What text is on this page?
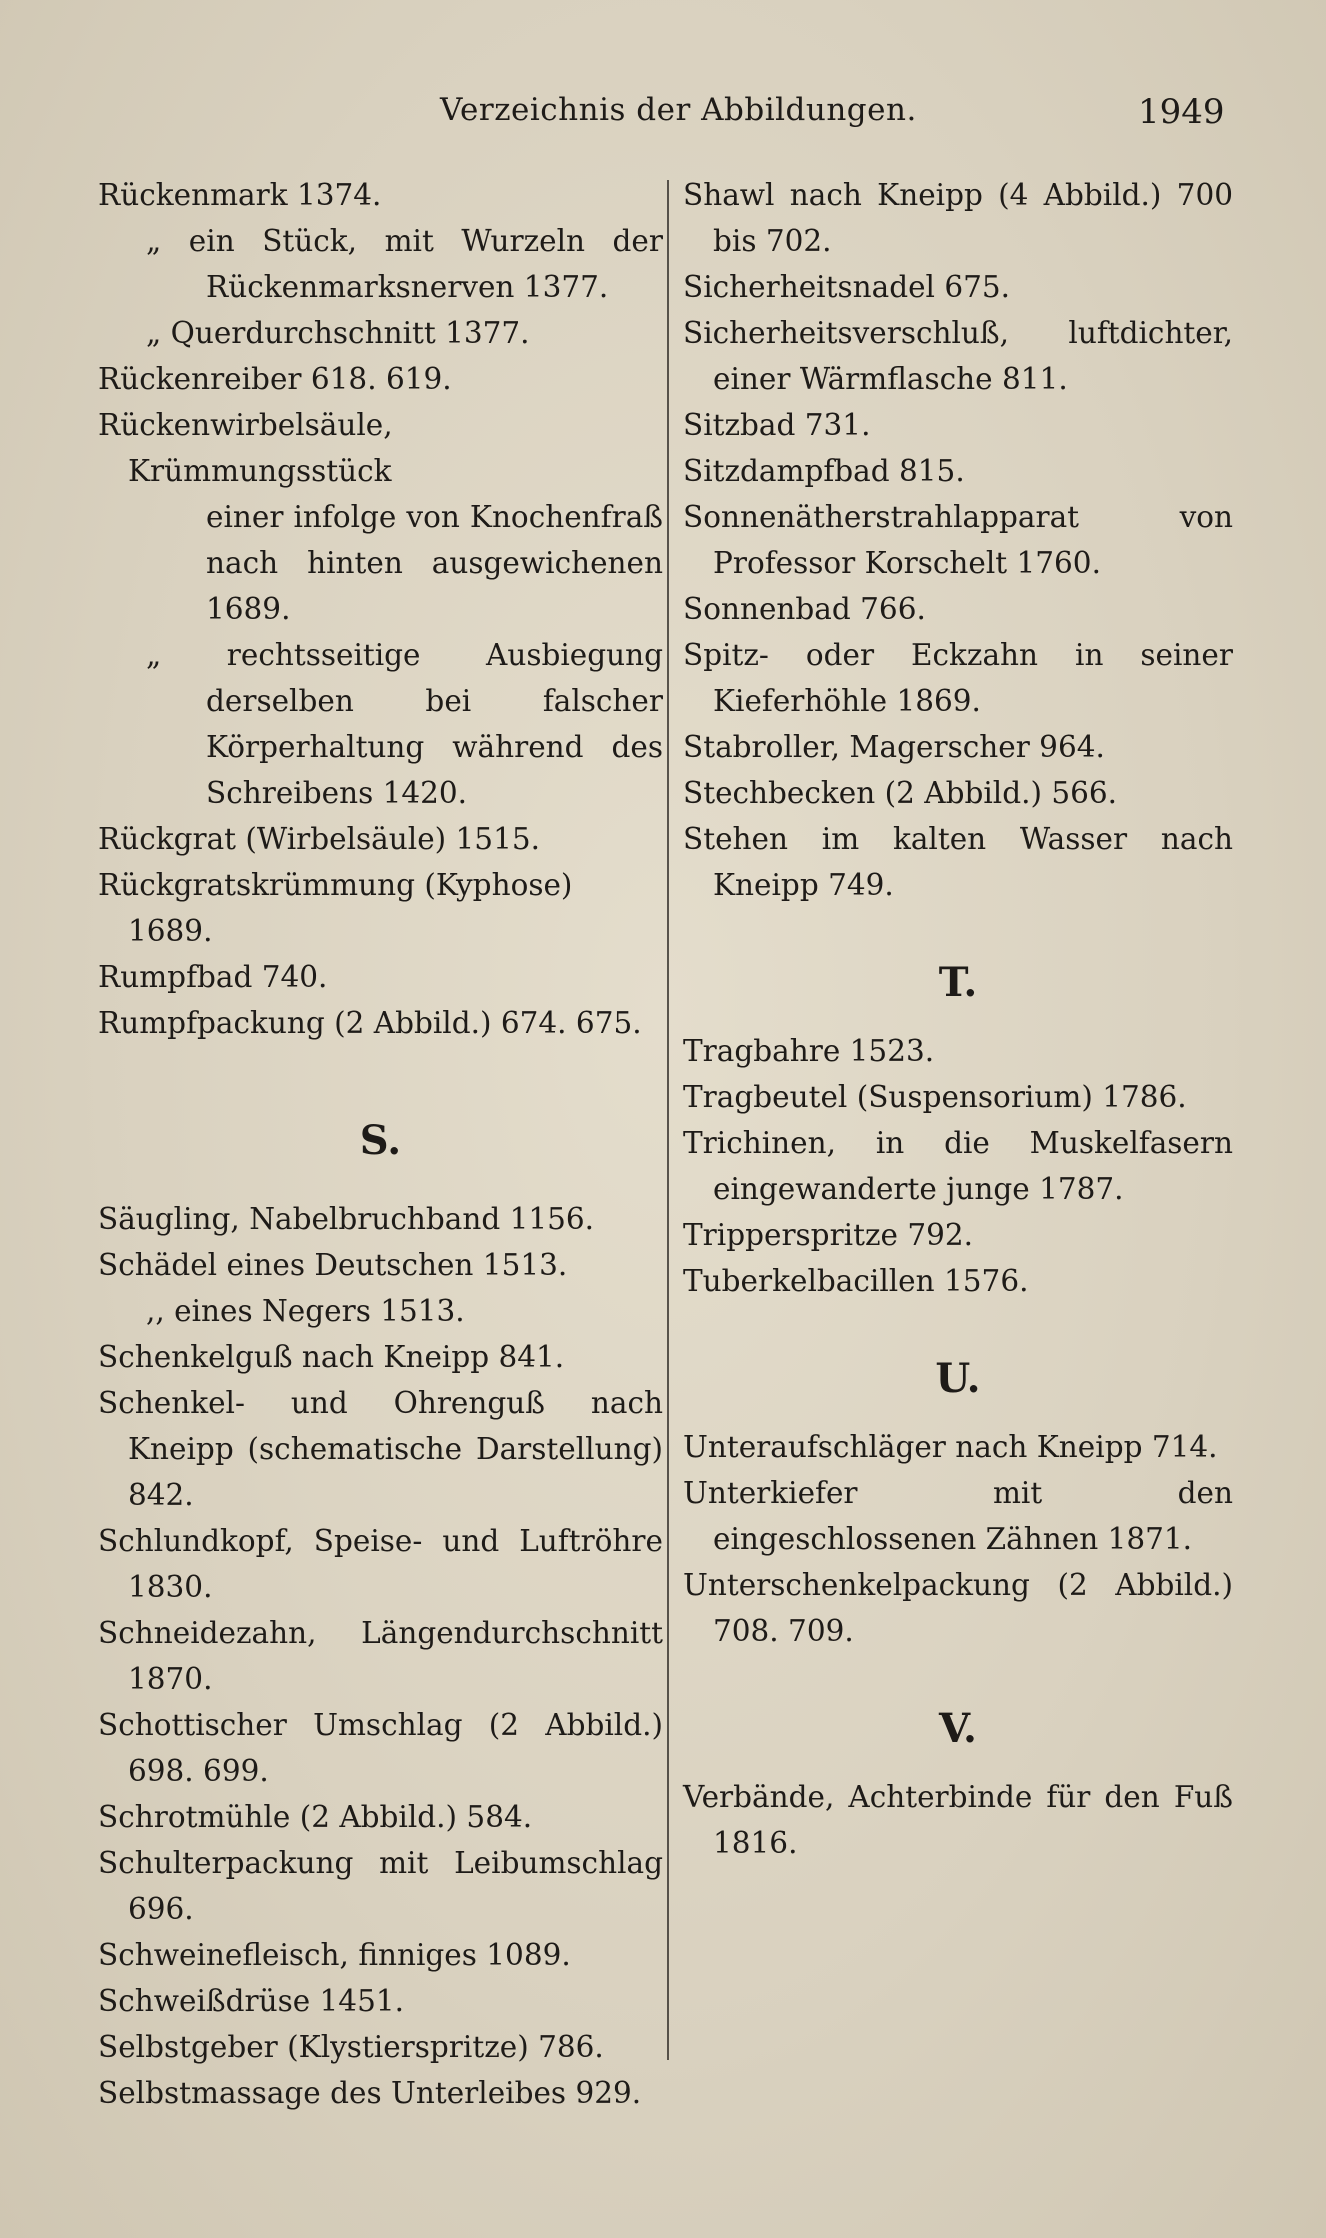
Verzeichnis der Abbildungen.	1949

Rückenmark 1374.

„ ein Stück, mit Wurzeln der Rückenmarksnerven 1377.

„ Querdurchschnitt 1377.

Rückenreiber 618. 619.

Rückenwirbelsäule, Krümmungsstück

einer infolge von Knochenfraß nach hinten ausgewichenen 1689.

„ rechtsseitige Ausbiegung derselben bei falscher Körperhaltung während des Schreibens 1420.

Rückgrat (Wirbelsäule) 1515.

Rückgratskrümmung (Kyphose) 1689.

Rumpfbad 740.

Rumpfpackung (2 Abbild.) 674. 675.

S.

Säugling, Nabelbruchband 1156.

Schädel eines Deutschen 1513.

,, eines Negers 1513.

Schenkelguß nach Kneipp 841.

Schenkel- und Ohrenguß nach Kneipp (schematische Darstellung) 842.

Schlundkopf, Speise- und Luftröhre 1830.

Schneidezahn, Längendurchschnitt 1870.

Schottischer Umschlag (2 Abbild.) 698. 699.

Schrotmühle (2 Abbild.) 584.

Schulterpackung mit Leibumschlag 696.

Schweinefleisch, finniges 1089.

Schweißdrüse 1451.

Selbstgeber (Klystierspritze) 786.

Selbstmassage des Unterleibes 929.

Shawl nach Kneipp (4 Abbild.) 700 bis 702.

Sicherheitsnadel 675.

Sicherheitsverschluß, luftdichter, einer Wärmflasche 811.

Sitzbad 731.

Sitzdampfbad 815.

Sonnenätherstrahlapparat von Professor Korschelt 1760.

Sonnenbad 766.

Spitz- oder Eckzahn in seiner Kieferhöhle 1869.

Stabroller, Magerscher 964.

Stechbecken (2 Abbild.) 566.

Stehen im kalten Wasser nach Kneipp 749.

T.

Tragbahre 1523.

Tragbeutel (Suspensorium) 1786.

Trichinen, in die Muskelfasern eingewanderte junge 1787.

Tripperspritze 792.

Tuberkelbacillen 1576.

U.

Unteraufschläger nach Kneipp 714.

Unterkiefer mit den eingeschlossenen Zähnen 1871.

Unterschenkelpackung (2 Abbild.) 708. 709.

V.

Verbände, Achterbinde für den Fuß 1816.
